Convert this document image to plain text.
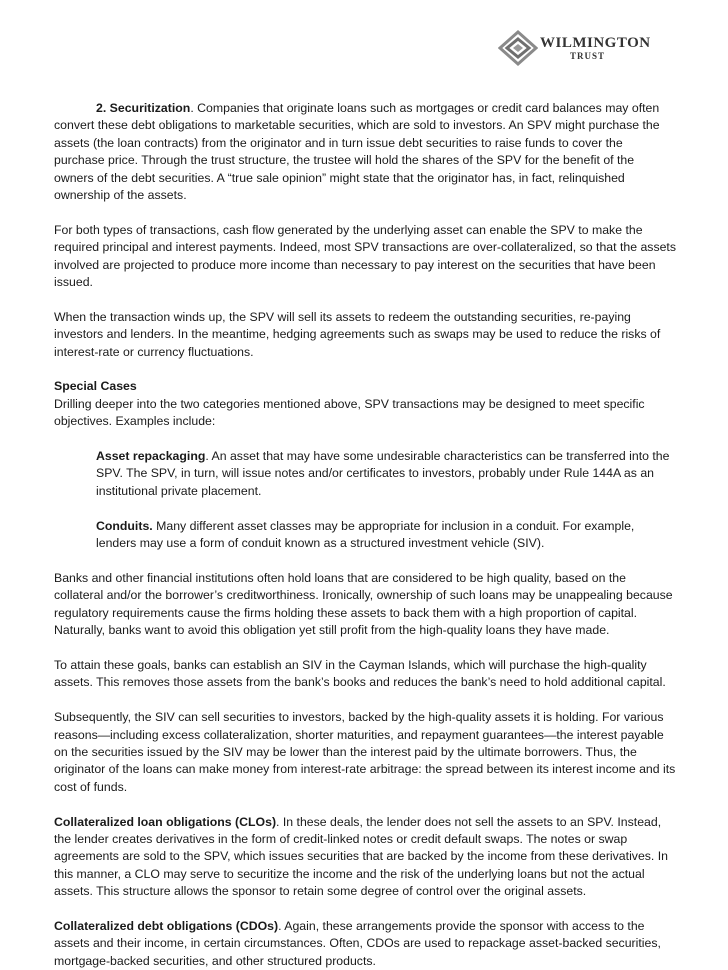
WILMINGTON
TRUST

2. Securitization. Companies that originate loans such as mortgages or credit card balances may often convert these debt obligations to marketable securities, which are sold to investors. An SPV might purchase the assets (the loan contracts) from the originator and in turn issue debt securities to raise funds to cover the purchase price. Through the trust structure, the trustee will hold the shares of the SPV for the benefit of the owners of the debt securities. A “true sale opinion” might state that the originator has, in fact, relinquished ownership of the assets.

For both types of transactions, cash flow generated by the underlying asset can enable the SPV to make the required principal and interest payments. Indeed, most SPV transactions are over-collateralized, so that the assets involved are projected to produce more income than necessary to pay interest on the securities that have been issued.

When the transaction winds up, the SPV will sell its assets to redeem the outstanding securities, re-paying investors and lenders. In the meantime, hedging agreements such as swaps may be used to reduce the risks of interest-rate or currency fluctuations.

Special Cases
Drilling deeper into the two categories mentioned above, SPV transactions may be designed to meet specific objectives. Examples include:

Asset repackaging. An asset that may have some undesirable characteristics can be transferred into the SPV. The SPV, in turn, will issue notes and/or certificates to investors, probably under Rule 144A as an institutional private placement.

Conduits. Many different asset classes may be appropriate for inclusion in a conduit. For example, lenders may use a form of conduit known as a structured investment vehicle (SIV).

Banks and other financial institutions often hold loans that are considered to be high quality, based on the collateral and/or the borrower’s creditworthiness. Ironically, ownership of such loans may be unappealing because regulatory requirements cause the firms holding these assets to back them with a high proportion of capital. Naturally, banks want to avoid this obligation yet still profit from the high-quality loans they have made.

To attain these goals, banks can establish an SIV in the Cayman Islands, which will purchase the high-quality assets. This removes those assets from the bank’s books and reduces the bank’s need to hold additional capital.

Subsequently, the SIV can sell securities to investors, backed by the high-quality assets it is holding. For various reasons—including excess collateralization, shorter maturities, and repayment guarantees—the interest payable on the securities issued by the SIV may be lower than the interest paid by the ultimate borrowers. Thus, the originator of the loans can make money from interest-rate arbitrage: the spread between its interest income and its cost of funds.

Collateralized loan obligations (CLOs). In these deals, the lender does not sell the assets to an SPV. Instead, the lender creates derivatives in the form of credit-linked notes or credit default swaps. The notes or swap agreements are sold to the SPV, which issues securities that are backed by the income from these derivatives. In this manner, a CLO may serve to securitize the income and the risk of the underlying loans but not the actual assets. This structure allows the sponsor to retain some degree of control over the original assets.

Collateralized debt obligations (CDOs). Again, these arrangements provide the sponsor with access to the assets and their income, in certain circumstances. Often, CDOs are used to repackage asset-backed securities, mortgage-backed securities, and other structured products.
